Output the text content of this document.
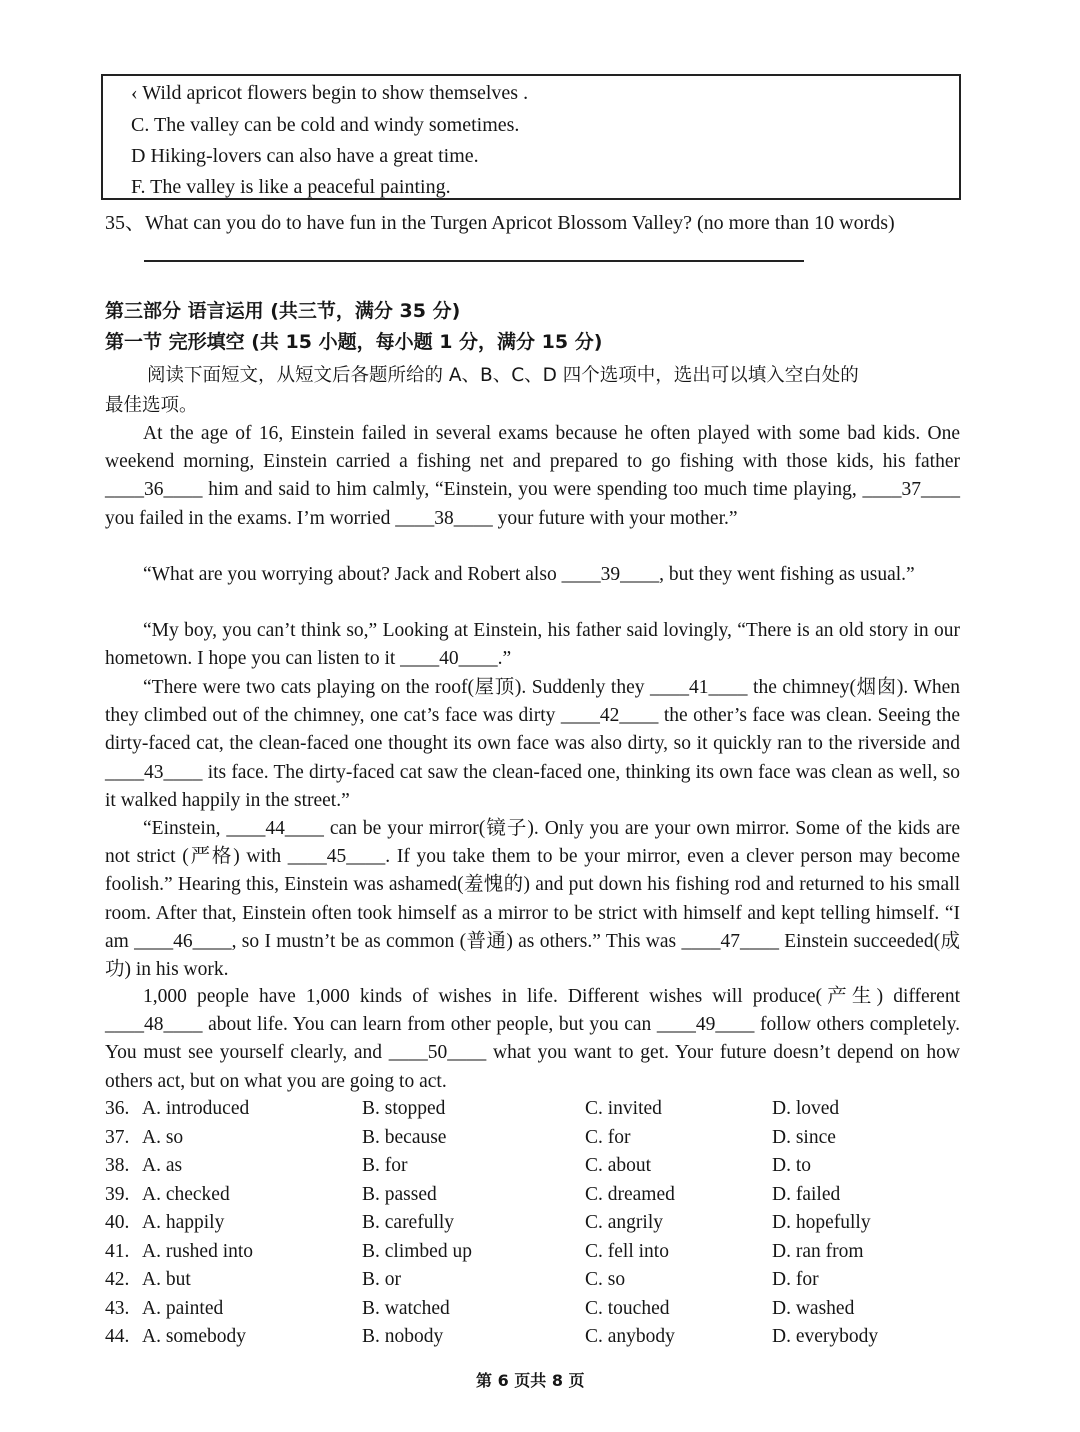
‹ Wild apricot flowers begin to show themselves .
C. The valley can be cold and windy sometimes.
D Hiking-lovers can also have a great time.
F. The valley is like a peaceful painting.
35、What can you do to have fun in the Turgen Apricot Blossom Valley? (no more than 10 words)
第三部分 语言运用 (共三节，满分 35 分)
第一节 完形填空 (共 15 小题，每小题 1 分，满分 15 分)
阅读下面短文，从短文后各题所给的 A、B、C、D 四个选项中，选出可以填入空白处的
最佳选项。
At the age of 16, Einstein failed in several exams because he often played with some bad kids. One weekend morning, Einstein carried a fishing net and prepared to go fishing with those kids, his father ____36____ him and said to him calmly, “Einstein, you were spending too much time playing, ____37____ you failed in the exams. I’m worried ____38____ your future with your mother.”
“What are you worrying about? Jack and Robert also ____39____, but they went fishing as usual.”
“My boy, you can’t think so,” Looking at Einstein, his father said lovingly, “There is an old story in our hometown. I hope you can listen to it ____40____.”
“There were two cats playing on the roof(屋顶). Suddenly they ____41____ the chimney(烟囱). When they climbed out of the chimney, one cat’s face was dirty ____42____ the other’s face was clean. Seeing the dirty-faced cat, the clean-faced one thought its own face was also dirty, so it quickly ran to the riverside and ____43____ its face. The dirty-faced cat saw the clean-faced one, thinking its own face was clean as well, so it walked happily in the street.”
“Einstein, ____44____ can be your mirror(镜子). Only you are your own mirror. Some of the kids are not strict (严格) with ____45____. If you take them to be your mirror, even a clever person may become foolish.” Hearing this, Einstein was ashamed(羞愧的) and put down his fishing rod and returned to his small room. After that, Einstein often took himself as a mirror to be strict with himself and kept telling himself. “I am ____46____, so I mustn’t be as common (普通) as others.” This was ____47____ Einstein succeeded(成功) in his work.
1,000 people have 1,000 kinds of wishes in life. Different wishes will produce(产生) different ____48____ about life. You can learn from other people, but you can ____49____ follow others completely. You must see yourself clearly, and ____50____ what you want to get. Your future doesn’t depend on how others act, but on what you are going to act.
36. A. introduced	B. stopped	C. invited	D. loved
37. A. so	B. because	C. for	D. since
38. A. as	B. for	C. about	D. to
39. A. checked	B. passed	C. dreamed	D. failed
40. A. happily	B. carefully	C. angrily	D. hopefully
41. A. rushed into	B. climbed up	C. fell into	D. ran from
42. A. but	B. or	C. so	D. for
43. A. painted	B. watched	C. touched	D. washed
44. A. somebody	B. nobody	C. anybody	D. everybody
第 6 页共 8 页
